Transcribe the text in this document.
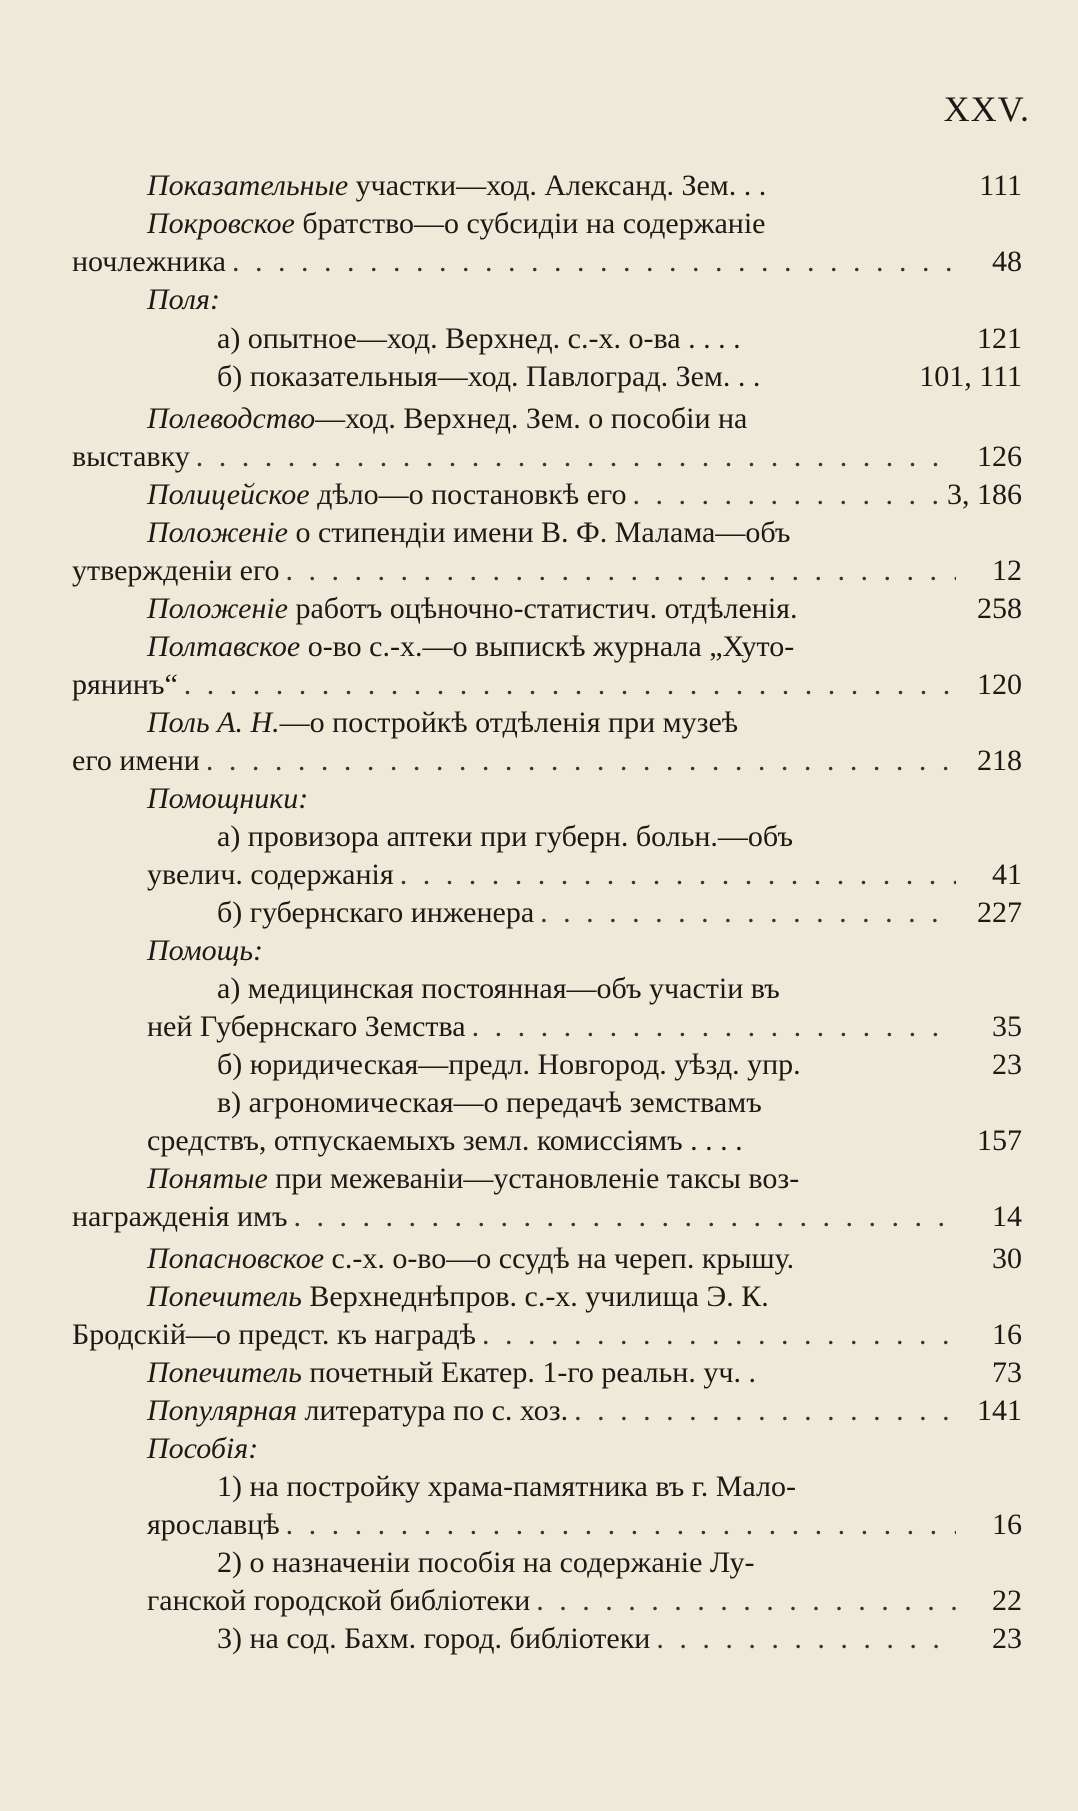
XXV.
Показательные участки—ход. Александ. Зем. . .	111
Покровское братство—о субсидіи на содержаніе
ночлежника . . .	48
Поля:
а) опытное—ход. Верхнед. с.-х. о-ва . . . .	121
б) показательныя—ход. Павлоград. Зем. . .	101, 111
Полеводство—ход. Верхнед. Зем. о пособіи на
выставку . . .	126
Полицейское дѣло—о постановкѣ его . . .	3, 186
Положеніе о стипендіи имени В. Ф. Малама—объ
утвержденіи его . . .	12
Положеніе работъ оцѣночно-статистич. отдѣленія.	258
Полтавское о-во с.-х.—о выпискѣ журнала „Хуто-
рянинъ“ . . .	120
Поль А. Н.—о постройкѣ отдѣленія при музеѣ
его имени . . .	218
Помощники:
а) провизора аптеки при губерн. больн.—объ
увелич. содержанія . . .	41
б) губернскаго инженера . . .	227
Помощь:
а) медицинская постоянная—объ участіи въ
ней Губернскаго Земства . . .	35
б) юридическая—предл. Новгород. уѣзд. упр.	23
в) агрономическая—о передачѣ земствамъ
средствъ, отпускаемыхъ земл. комиссіямъ . . . .	157
Понятые при межеваніи—установленіе таксы воз-
награжденія имъ . . .	14
Попасновское с.-х. о-во—о ссудѣ на череп. крышу.	30
Попечитель Верхнеднѣпров. с.-х. училища Э. К.
Бродскій—о предст. къ наградѣ . . .	16
Попечитель почетный Екатер. 1-го реальн. уч. .	73
Популярная литература по с. хоз. . . .	141
Пособія:
1) на постройку храма-памятника въ г. Мало-
ярославцѣ . . .	16
2) о назначеніи пособія на содержаніе Лу-
ганской городской библіотеки . . .	22
3) на сод. Бахм. город. библіотеки . . .	23
